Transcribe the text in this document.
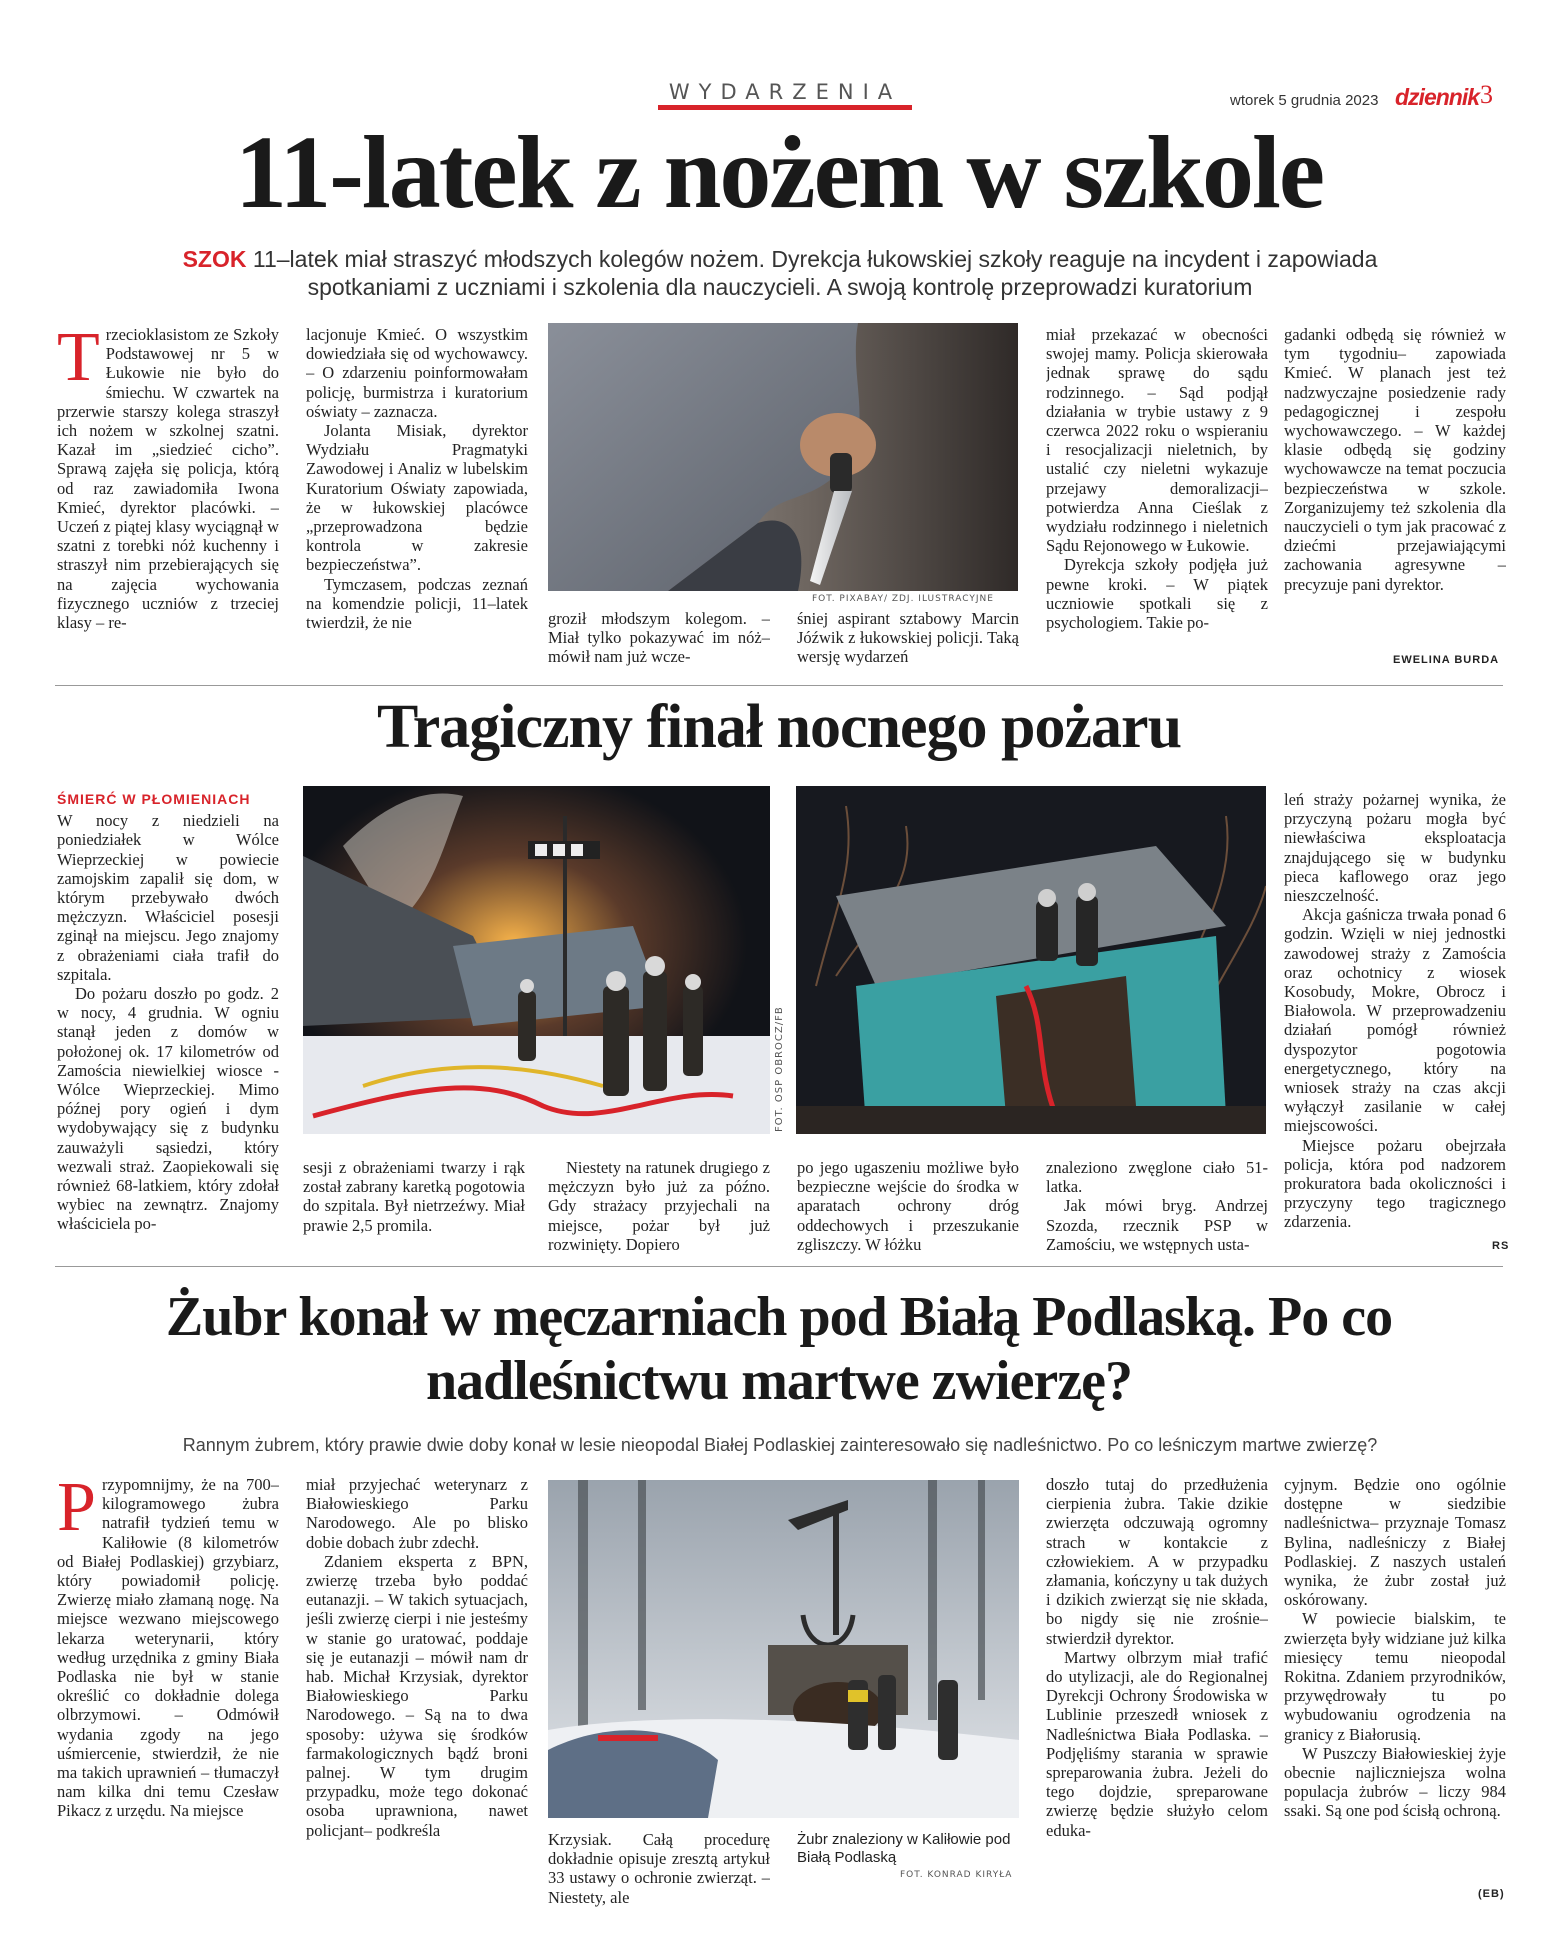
WYDARZENIA	wtorek 5 grudnia 2023 dziennik 3
11-latek z nożem w szkole
SZOK 11–latek miał straszyć młodszych kolegów nożem. Dyrekcja łukowskiej szkoły reaguje na incydent i zapowiada
spotkaniami z uczniami i szkolenia dla nauczycieli. A swoją kontrolę przeprowadzi kuratorium
T rzecioklasistom ze Szkoły Podstawowej nr 5 w Łukowie nie było do śmiechu. W czwartek na przerwie starszy kolega straszył ich nożem w szkolnej szatni. Kazał im „siedzieć cicho”. Sprawą zajęła się policja, którą od raz zawiadomiła Iwona Kmieć, dyrektor placówki. – Uczeń z piątej klasy wyciągnął w szatni z torebki nóż kuchenny i straszył nim przebierających się na zajęcia wychowania fizycznego uczniów z trzeciej klasy – re-

lacjonuje Kmieć. O wszystkim dowiedziała się od wychowawcy. – O zdarzeniu poinformowałam policję, burmistrza i kuratorium oświaty – zaznacza.

Jolanta Misiak, dyrektor Wydziału Pragmatyki Zawodowej i Analiz w lubelskim Kuratorium Oświaty zapowiada, że w łukowskiej placówce „przeprowadzona będzie kontrola w zakresie bezpieczeństwa”.

Tymczasem, podczas zeznań na komendzie policji, 11–latek twierdził, że nie

FOT. PIXABAY/ ZDJ. ILUSTRACYJNE

groził młodszym kolegom. – Miał tylko pokazywać im nóż– mówił nam już wcze-

śniej aspirant sztabowy Marcin Jóźwik z łukowskiej policji. Taką wersję wydarzeń

miał przekazać w obecności swojej mamy. Policja skierowała jednak sprawę do sądu rodzinnego. – Sąd podjął działania w trybie ustawy z 9 czerwca 2022 roku o wspieraniu i resocjalizacji nieletnich, by ustalić czy nieletni wykazuje przejawy demoralizacji– potwierdza Anna Cieślak z wydziału rodzinnego i nieletnich Sądu Rejonowego w Łukowie.

Dyrekcja szkoły podjęła już pewne kroki. – W piątek uczniowie spotkali się z psychologiem. Takie po-

gadanki odbędą się również w tym tygodniu– zapowiada Kmieć. W planach jest też nadzwyczajne posiedzenie rady pedagogicznej i zespołu wychowawczego. – W każdej klasie odbędą się godziny wychowawcze na temat poczucia bezpieczeństwa w szkole. Zorganizujemy też szkolenia dla nauczycieli o tym jak pracować z dziećmi przejawiającymi zachowania agresywne –precyzuje pani dyrektor.

EWELINA BURDA
Tragiczny finał nocnego pożaru
ŚMIERĆ W PŁOMIENIACH

W nocy z niedzieli na poniedziałek w Wólce Wieprzeckiej w powiecie zamojskim zapalił się dom, w którym przebywało dwóch mężczyzn. Właściciel posesji zginął na miejscu. Jego znajomy z obrażeniami ciała trafił do szpitala.

Do pożaru doszło po godz. 2 w nocy, 4 grudnia. W ogniu stanął jeden z domów w położonej ok. 17 kilometrów od Zamościa niewielkiej wiosce - Wólce Wieprzeckiej. Mimo późnej pory ogień i dym wydobywający się z budynku zauważyli sąsiedzi, który wezwali straż. Zaopiekowali się również 68-latkiem, który zdołał wybiec na zewnątrz. Znajomy właściciela po-

FOT. OSP OBROCZ/FB

sesji z obrażeniami twarzy i rąk został zabrany karetką pogotowia do szpitala. Był nietrzeźwy. Miał prawie 2,5 promila.

Niestety na ratunek drugiego z mężczyzn było już za późno. Gdy strażacy przyjechali na miejsce, pożar był już rozwinięty. Dopiero

po jego ugaszeniu możliwe było bezpieczne wejście do środka w aparatach ochrony dróg oddechowych i przeszukanie zgliszczy. W łóżku

znaleziono zwęglone ciało 51-latka.

Jak mówi bryg. Andrzej Szozda, rzecznik PSP w Zamościu, we wstępnych usta-

leń straży pożarnej wynika, że przyczyną pożaru mogła być niewłaściwa eksploatacja znajdującego się w budynku pieca kaflowego oraz jego nieszczelność.

Akcja gaśnicza trwała ponad 6 godzin. Wzięli w niej jednostki zawodowej straży z Zamościa oraz ochotnicy z wiosek Kosobudy, Mokre, Obrocz i Białowola. W przeprowadzeniu działań pomógł również dyspozytor pogotowia energetycznego, który na wniosek straży na czas akcji wyłączył zasilanie w całej miejscowości.

Miejsce pożaru obejrzała policja, która pod nadzorem prokuratora bada okoliczności i przyczyny tego tragicznego zdarzenia.

RS
Żubr konał w męczarniach pod Białą Podlaską. Po co
nadleśnictwu martwe zwierzę?
Rannym żubrem, który prawie dwie doby konał w lesie nieopodal Białej Podlaskiej zainteresowało się nadleśnictwo. Po co leśniczym martwe zwierzę?
P rzypomnijmy, że na 700–kilogramowego żubra natrafił tydzień temu w Kaliłowie (8 kilometrów od Białej Podlaskiej) grzybiarz, który powiadomił policję. Zwierzę miało złamaną nogę. Na miejsce wezwano miejscowego lekarza weterynarii, który według urzędnika z gminy Biała Podlaska nie był w stanie określić co dokładnie dolega olbrzymowi. – Odmówił wydania zgody na jego uśmiercenie, stwierdził, że nie ma takich uprawnień – tłumaczył nam kilka dni temu Czesław Pikacz z urzędu. Na miejsce

miał przyjechać weterynarz z Białowieskiego Parku Narodowego. Ale po blisko dobie dobach żubr zdechł.

Zdaniem eksperta z BPN, zwierzę trzeba było poddać eutanazji. – W takich sytuacjach, jeśli zwierzę cierpi i nie jesteśmy w stanie go uratować, poddaje się je eutanazji – mówił nam dr hab. Michał Krzysiak, dyrektor Białowieskiego Parku Narodowego. – Są na to dwa sposoby: używa się środków farmakologicznych bądź broni palnej. W tym drugim przypadku, może tego dokonać osoba uprawniona, nawet policjant– podkreśla	Krzysiak. Całą procedurę dokładnie opisuje zresztą artykuł 33 ustawy o ochronie zwierząt. – Niestety, ale

Żubr znaleziony w Kaliłowie pod Białą Podlaską
FOT. KONRAD KIRYŁA

doszło tutaj do przedłużenia cierpienia żubra. Takie dzikie zwierzęta odczuwają ogromny strach w kontakcie z człowiekiem. A w przypadku złamania, kończyny u tak dużych i dzikich zwierząt się nie składa, bo nigdy się nie zrośnie– stwierdził dyrektor.

Martwy olbrzym miał trafić do utylizacji, ale do Regionalnej Dyrekcji Ochrony Środowiska w Lublinie przeszedł wniosek z Nadleśnictwa Biała Podlaska. – Podjęliśmy starania w sprawie spreparowania żubra. Jeżeli do tego dojdzie, spreparowane zwierzę będzie służyło celom eduka-

cyjnym. Będzie ono ogólnie dostępne w siedzibie nadleśnictwa– przyznaje Tomasz Bylina, nadleśniczy z Białej Podlaskiej. Z naszych ustaleń wynika, że żubr został już oskórowany.

W powiecie bialskim, te zwierzęta były widziane już kilka miesięcy temu nieopodal Rokitna. Zdaniem przyrodników, przywędrowały tu po wybudowaniu ogrodzenia na granicy z Białorusią.

W Puszczy Białowieskiej żyje obecnie najliczniejsza wolna populacja żubrów – liczy 984 ssaki. Są one pod ścisłą ochroną.

(EB)
